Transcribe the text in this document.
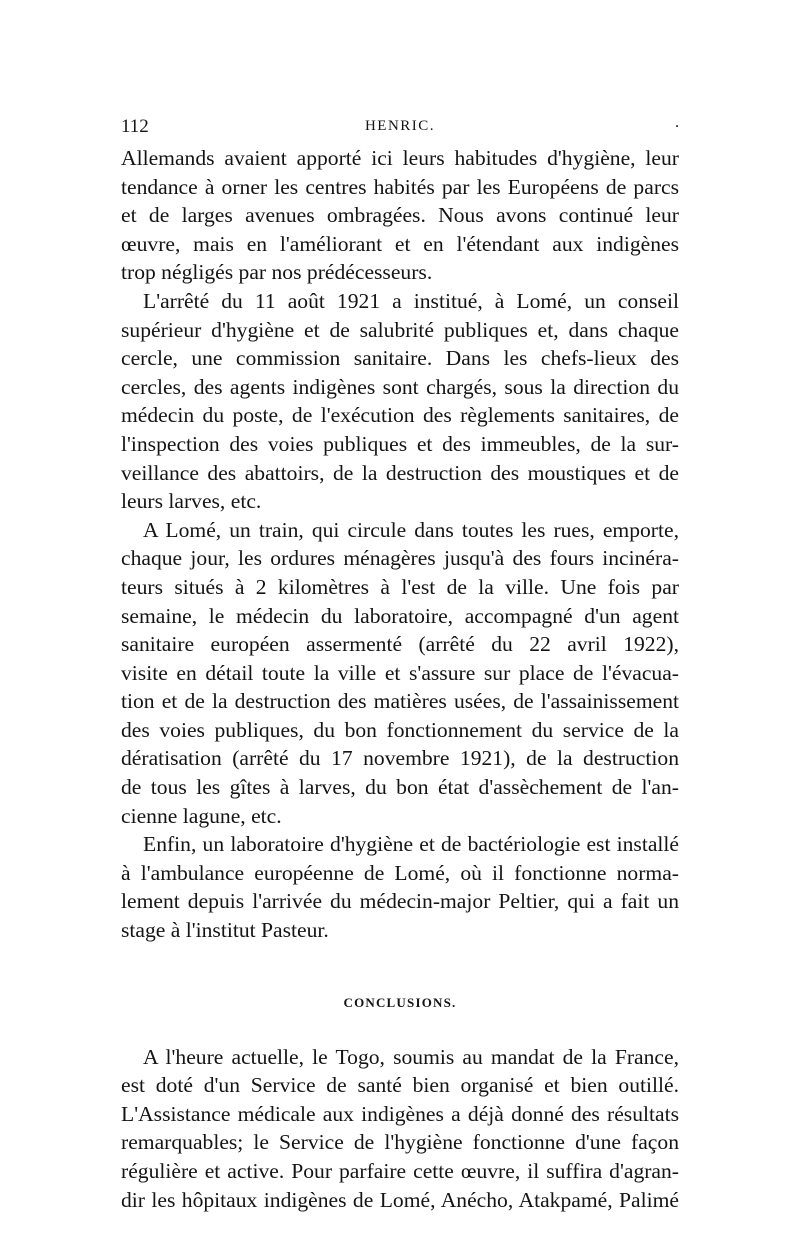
112	HENRIC.	.
Allemands avaient apporté ici leurs habitudes d'hygiène, leur
tendance à orner les centres habités par les Européens de parcs
et de larges avenues ombragées. Nous avons continué leur
œuvre, mais en l'améliorant et en l'étendant aux indigènes
trop négligés par nos prédécesseurs.
L'arrêté du 11 août 1921 a institué, à Lomé, un conseil
supérieur d'hygiène et de salubrité publiques et, dans chaque
cercle, une commission sanitaire. Dans les chefs-lieux des
cercles, des agents indigènes sont chargés, sous la direction du
médecin du poste, de l'exécution des règlements sanitaires, de
l'inspection des voies publiques et des immeubles, de la sur-
veillance des abattoirs, de la destruction des moustiques et de
leurs larves, etc.
A Lomé, un train, qui circule dans toutes les rues, emporte,
chaque jour, les ordures ménagères jusqu'à des fours incinéra-
teurs situés à 2 kilomètres à l'est de la ville. Une fois par
semaine, le médecin du laboratoire, accompagné d'un agent
sanitaire européen assermenté (arrêté du 22 avril 1922),
visite en détail toute la ville et s'assure sur place de l'évacua-
tion et de la destruction des matières usées, de l'assainissement
des voies publiques, du bon fonctionnement du service de la
dératisation (arrêté du 17 novembre 1921), de la destruction
de tous les gîtes à larves, du bon état d'assèchement de l'an-
cienne lagune, etc.
Enfin, un laboratoire d'hygiène et de bactériologie est installé
à l'ambulance européenne de Lomé, où il fonctionne norma-
lement depuis l'arrivée du médecin-major Peltier, qui a fait un
stage à l'institut Pasteur.
CONCLUSIONS.
A l'heure actuelle, le Togo, soumis au mandat de la France,
est doté d'un Service de santé bien organisé et bien outillé.
L'Assistance médicale aux indigènes a déjà donné des résultats
remarquables; le Service de l'hygiène fonctionne d'une façon
régulière et active. Pour parfaire cette œuvre, il suffira d'agran-
dir les hôpitaux indigènes de Lomé, Anécho, Atakpamé, Palimé
